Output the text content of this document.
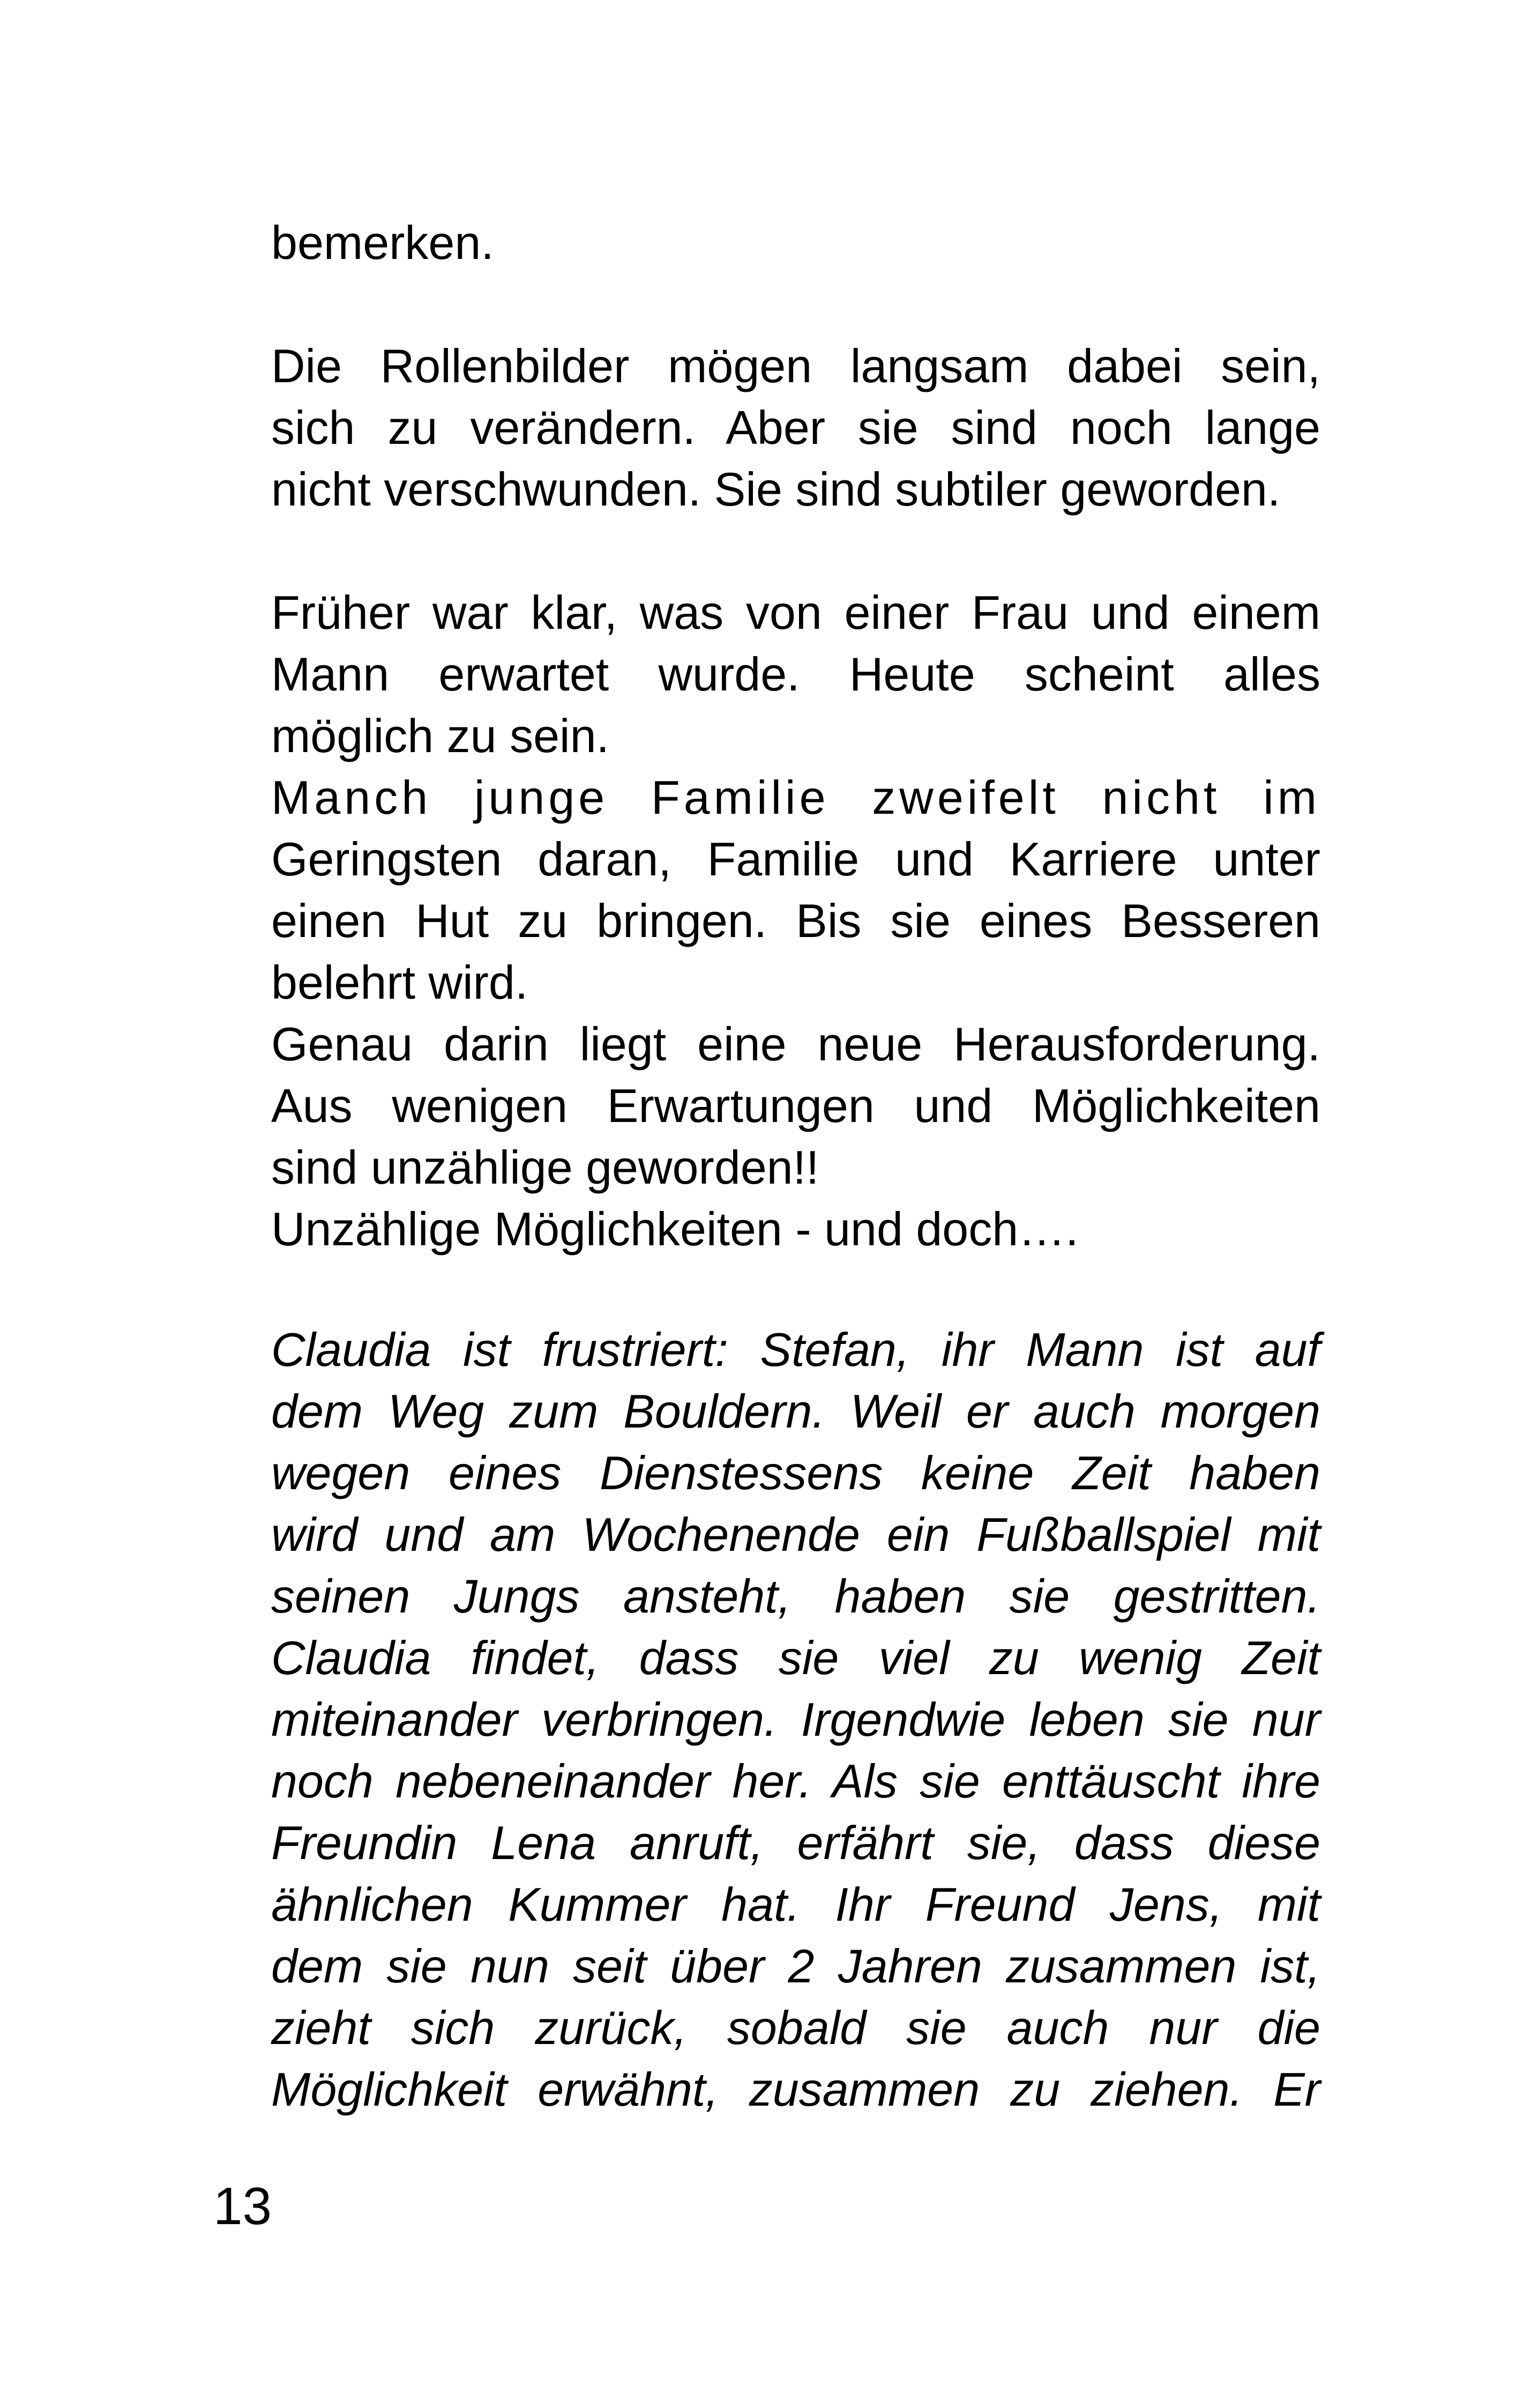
bemerken.
Die Rollenbilder mögen langsam dabei sein,
sich zu verändern. Aber sie sind noch lange
nicht verschwunden. Sie sind subtiler geworden.
Früher war klar, was von einer Frau und einem
Mann erwartet wurde. Heute scheint alles
möglich zu sein.
Manch junge Familie zweifelt nicht im
Geringsten daran, Familie und Karriere unter
einen Hut zu bringen. Bis sie eines Besseren
belehrt wird.
Genau darin liegt eine neue Herausforderung.
Aus wenigen Erwartungen und Möglichkeiten
sind unzählige geworden!!
Unzählige Möglichkeiten - und doch….
Claudia ist frustriert: Stefan, ihr Mann ist auf
dem Weg zum Bouldern. Weil er auch morgen
wegen eines Dienstessens keine Zeit haben
wird und am Wochenende ein Fußballspiel mit
seinen Jungs ansteht, haben sie gestritten.
Claudia findet, dass sie viel zu wenig Zeit
miteinander verbringen. Irgendwie leben sie nur
noch nebeneinander her. Als sie enttäuscht ihre
Freundin Lena anruft, erfährt sie, dass diese
ähnlichen Kummer hat. Ihr Freund Jens, mit
dem sie nun seit über 2 Jahren zusammen ist,
zieht sich zurück, sobald sie auch nur die
Möglichkeit erwähnt, zusammen zu ziehen. Er
13
